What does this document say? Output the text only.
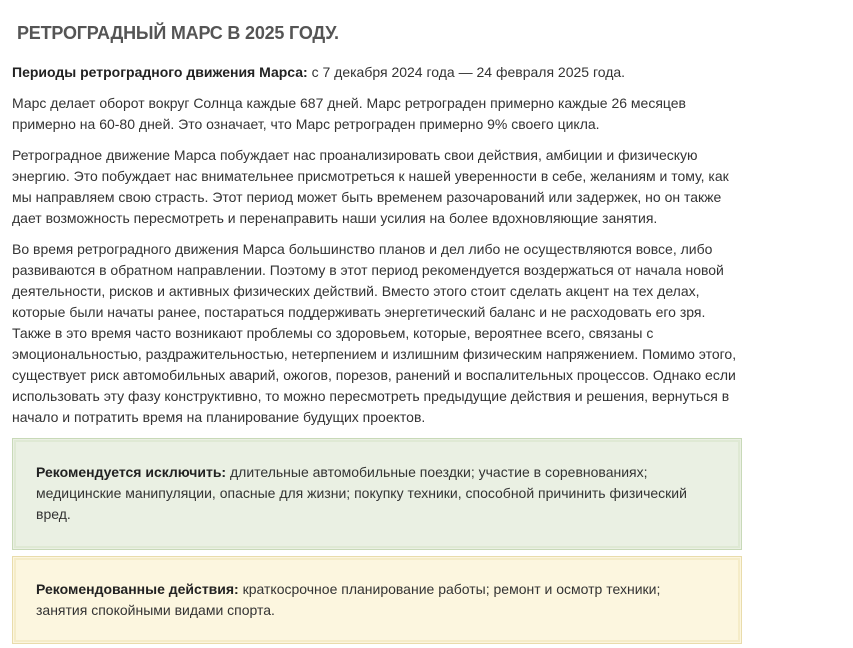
РЕТРОГРАДНЫЙ МАРС В 2025 ГОДУ.

Периоды ретроградного движения Марса: с 7 декабря 2024 года — 24 февраля 2025 года.

Марс делает оборот вокруг Солнца каждые 687 дней. Марс ретрограден примерно каждые 26 месяцев примерно на 60-80 дней. Это означает, что Марс ретрограден примерно 9% своего цикла.

Ретроградное движение Марса побуждает нас проанализировать свои действия, амбиции и физическую энергию. Это побуждает нас внимательнее присмотреться к нашей уверенности в себе, желаниям и тому, как мы направляем свою страсть. Этот период может быть временем разочарований или задержек, но он также дает возможность пересмотреть и перенаправить наши усилия на более вдохновляющие занятия.

Во время ретроградного движения Марса большинство планов и дел либо не осуществляются вовсе, либо развиваются в обратном направлении. Поэтому в этот период рекомендуется воздержаться от начала новой деятельности, рисков и активных физических действий. Вместо этого стоит сделать акцент на тех делах, которые были начаты ранее, постараться поддерживать энергетический баланс и не расходовать его зря. Также в это время часто возникают проблемы со здоровьем, которые, вероятнее всего, связаны с эмоциональностью, раздражительностью, нетерпением и излишним физическим напряжением. Помимо этого, существует риск автомобильных аварий, ожогов, порезов, ранений и воспалительных процессов. Однако если использовать эту фазу конструктивно, то можно пересмотреть предыдущие действия и решения, вернуться в начало и потратить время на планирование будущих проектов.

Рекомендуется исключить: длительные автомобильные поездки; участие в соревнованиях; медицинские манипуляции, опасные для жизни; покупку техники, способной причинить физический вред.

Рекомендованные действия: краткосрочное планирование работы; ремонт и осмотр техники; занятия спокойными видами спорта.
